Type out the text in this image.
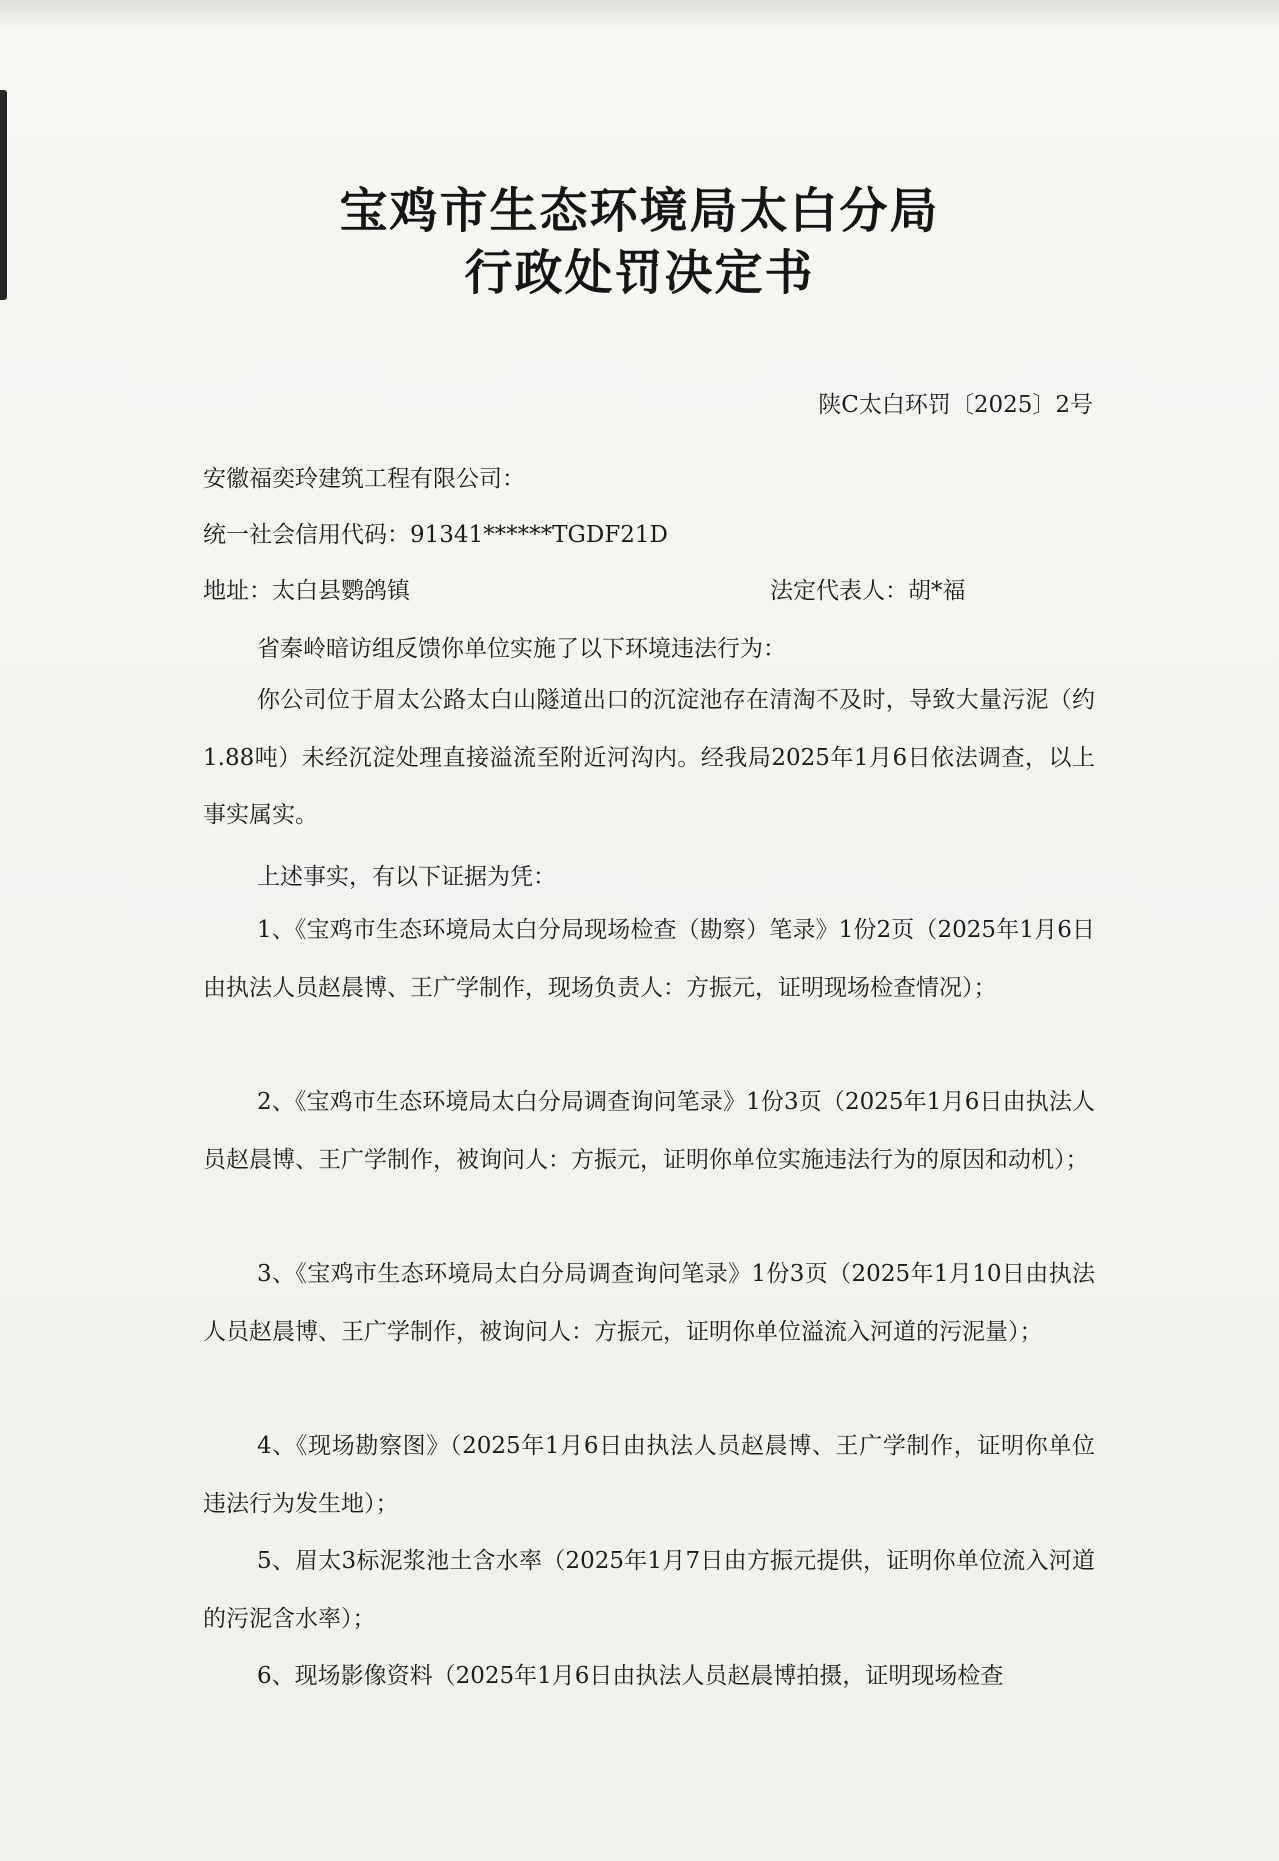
宝鸡市生态环境局太白分局
行政处罚决定书
陕C太白环罚〔2025〕2号

安徽福奕玲建筑工程有限公司：

统一社会信用代码：91341******TGDF21D

地址：太白县鹦鸽镇	法定代表人：胡*福

省秦岭暗访组反馈你单位实施了以下环境违法行为：

你公司位于眉太公路太白山隧道出口的沉淀池存在清淘不及时，导致大量污泥（约1.88吨）未经沉淀处理直接溢流至附近河沟内。经我局2025年1月6日依法调查，以上事实属实。

上述事实，有以下证据为凭：

1、《宝鸡市生态环境局太白分局现场检查（勘察）笔录》1份2页（2025年1月6日由执法人员赵晨博、王广学制作，现场负责人：方振元，证明现场检查情况）；

2、《宝鸡市生态环境局太白分局调查询问笔录》1份3页（2025年1月6日由执法人员赵晨博、王广学制作，被询问人：方振元，证明你单位实施违法行为的原因和动机）；

3、《宝鸡市生态环境局太白分局调查询问笔录》1份3页（2025年1月10日由执法人员赵晨博、王广学制作，被询问人：方振元，证明你单位溢流入河道的污泥量）；

4、《现场勘察图》（2025年1月6日由执法人员赵晨博、王广学制作，证明你单位违法行为发生地）；

5、眉太3标泥浆池土含水率（2025年1月7日由方振元提供，证明你单位流入河道的污泥含水率）；

6、现场影像资料（2025年1月6日由执法人员赵晨博拍摄，证明现场检查
